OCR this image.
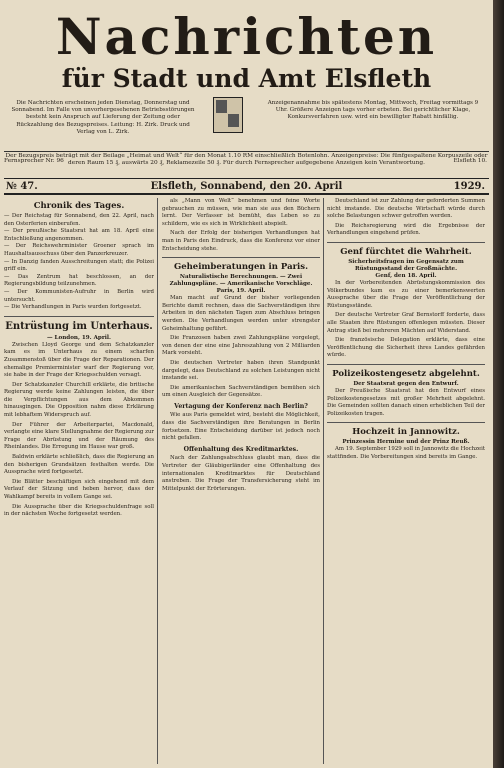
Nachrichten
für Stadt und Amt Elsfleth
Die Nachrichten erscheinen jeden Dienstag, Donnerstag und Sonnabend. Im Falle von unvorhergesehenen Betriebsstörungen besteht kein Anspruch auf Lieferung der Zeitung oder Rückzahlung des Bezugspreises. Leitung: H. Zirk. Druck und Verlag von L. Zirk.
Anzeigenannahme bis spätestens Montag, Mittwoch, Freitag vormittags 9 Uhr. Größere Anzeigen tags vorher erbeten. Bei gerichtlicher Klage, Konkursverfahren usw. wird ein bewilligter Rabatt hinfällig.
Der Bezugspreis beträgt mit der Beilage „Heimat und Welt“ für den Monat 1.10 RM einschließlich Botenlohn. Anzeigenpreise: Die fünfgespaltene Korpuszeile oder deren Raum 15 ₰, auswärts 20 ₰, Reklamezeile 50 ₰. Für durch Fernsprecher aufgegebene Anzeigen kein Verantwortung.
Fernsprecher Nr. 96	Elsfleth 10.
№ 47.	Elsfleth, Sonnabend, den 20. April	1929.
Chronik des Tages.

— Der Reichstag für Sonnabend, den 22. April, nach den Osterferien einberufen.

— Der preußische Staatsrat hat am 18. April eine Entschließung angenommen.

— Der Reichswehrminister Groener sprach im Haushaltsausschuss über den Panzerkreuzer.

— In Danzig fanden Ausschreitungen statt; die Polizei griff ein.

— Das Zentrum hat beschlossen, an der Regierungsbildung teilzunehmen.

— Der Kommunisten-Aufruhr in Berlin wird untersucht.

— Die Verhandlungen in Paris wurden fortgesetzt.

Entrüstung im Unterhaus.
— London, 19. April.

Zwischen Lloyd George und dem Schatzkanzler kam es im Unterhaus zu einem scharfen Zusammenstoß über die Frage der Reparationen. Der ehemalige Premierminister warf der Regierung vor, sie habe in der Frage der Kriegsschulden versagt.

Der Schatzkanzler Churchill erklärte, die britische Regierung werde keine Zahlungen leisten, die über die Verpflichtungen aus dem Abkommen hinausgingen. Die Opposition nahm diese Erklärung mit lebhaftem Widerspruch auf.

Der Führer der Arbeiterpartei, Macdonald, verlangte eine klare Stellungnahme der Regierung zur Frage der Abrüstung und der Räumung des Rheinlandes. Die Erregung im Hause war groß.

Baldwin erklärte schließlich, dass die Regierung an den bisherigen Grundsätzen festhalten werde. Die Aussprache wird fortgesetzt.

Die Blätter beschäftigen sich eingehend mit dem Verlauf der Sitzung und heben hervor, dass der Wahlkampf bereits in vollem Gange sei.

Die Aussprache über die Kriegsschuldenfrage soll in der nächsten Woche fortgesetzt werden.

als „Mann von Welt“ benehmen und feine Worte gebrauchen zu müssen, wie man sie aus den Büchern lernt. Der Verfasser ist bemüht, das Leben so zu schildern, wie es sich in Wirklichkeit abspielt.

Nach der Erfolg der bisherigen Verhandlungen hat man in Paris den Eindruck, dass die Konferenz vor einer Entscheidung stehe.

Geheimberatungen in Paris.
Naturalistische Berechnungen. — Zwei Zahlungspläne. — Amerikanische Vorschläge.
Paris, 19. April.

Man macht auf Grund der bisher vorliegenden Berichte damit rechnen, dass die Sachverständigen ihre Arbeiten in den nächsten Tagen zum Abschluss bringen werden. Die Verhandlungen werden unter strengster Geheimhaltung geführt.

Die Franzosen haben zwei Zahlungspläne vorgelegt, von denen der eine eine Jahreszahlung von 2 Milliarden Mark vorsieht.

Die deutschen Vertreter haben ihren Standpunkt dargelegt, dass Deutschland zu solchen Leistungen nicht imstande sei.

Die amerikanischen Sachverständigen bemühen sich um einen Ausgleich der Gegensätze.

Vertagung der Konferenz nach Berlin?

Wie aus Paris gemeldet wird, besteht die Möglichkeit, dass die Sachverständigen ihre Beratungen in Berlin fortsetzen. Eine Entscheidung darüber ist jedoch noch nicht gefallen.

Offenhaltung des Kreditmarktes.

Nach der Zahlungsabschluss glaubt man, dass die Vertreter der Gläubigerländer eine Offenhaltung des internationalen Kreditmarktes für Deutschland anstreben. Die Frage der Transfersicherung steht im Mittelpunkt der Erörterungen.

Deutschland ist zur Zahlung der geforderten Summen nicht imstande. Die deutsche Wirtschaft würde durch solche Belastungen schwer getroffen werden.

Die Reichsregierung wird die Ergebnisse der Verhandlungen eingehend prüfen.

Genf fürchtet die Wahrheit.
Sicherheitsfragen im Gegensatz zum Rüstungsstand der Großmächte.
Genf, den 18. April.

In der Vorbereitenden Abrüstungskommission des Völkerbundes kam es zu einer bemerkenswerten Aussprache über die Frage der Veröffentlichung der Rüstungsstände.

Der deutsche Vertreter Graf Bernstorff forderte, dass alle Staaten ihre Rüstungen offenlegen müssten. Dieser Antrag stieß bei mehreren Mächten auf Widerstand.

Die französische Delegation erklärte, dass eine Veröffentlichung die Sicherheit ihres Landes gefährden würde.

Polizeikostengesetz abgelehnt.
Der Staatsrat gegen den Entwurf.

Der Preußische Staatsrat hat den Entwurf eines Polizeikostengesetzes mit großer Mehrheit abgelehnt. Die Gemeinden sollten danach einen erheblichen Teil der Polizeikosten tragen.

Hochzeit in Jannowitz.
Prinzessin Hermine und der Prinz Reuß.

Am 19. September 1929 soll in Jannowitz die Hochzeit stattfinden. Die Vorbereitungen sind bereits im Gange.
